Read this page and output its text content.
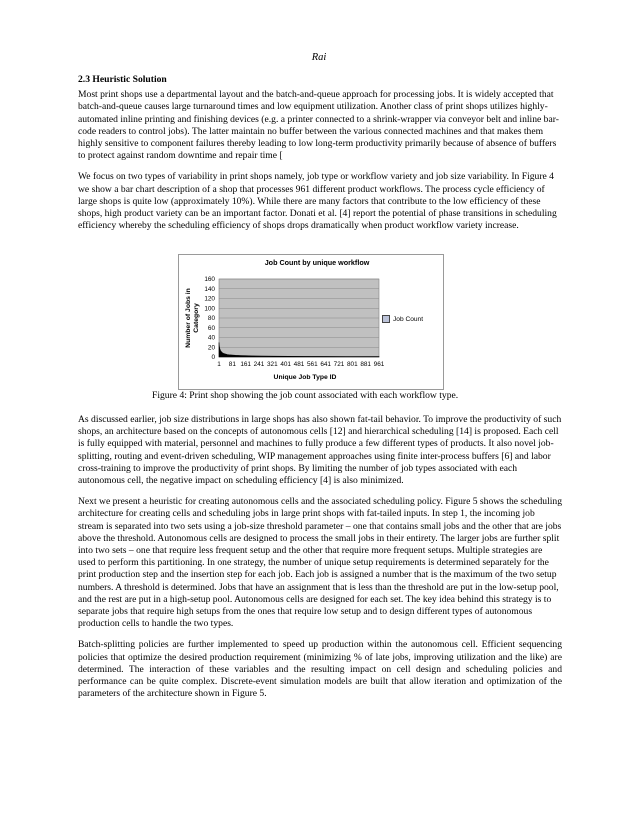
Rai
2.3 Heuristic Solution

Most print shops use a departmental layout and the batch-and-queue approach for processing jobs. It is widely accepted that batch-and-queue causes large turnaround times and low equipment utilization. Another class of print shops utilizes highly-automated inline printing and finishing devices (e.g. a printer connected to a shrink-wrapper via conveyor belt and inline bar-code readers to control jobs). The latter maintain no buffer between the various connected machines and that makes them highly sensitive to component failures thereby leading to low long-term productivity primarily because of absence of buffers to protect against random downtime and repair time [

We focus on two types of variability in print shops namely, job type or workflow variety and job size variability. In Figure 4 we show a bar chart description of a shop that processes 961 different product workflows. The process cycle efficiency of large shops is quite low (approximately 10%). While there are many factors that contribute to the low efficiency of these shops, high product variety can be an important factor. Donati et al. [4] report the potential of phase transitions in scheduling efficiency whereby the scheduling efficiency of shops drops dramatically when product workflow variety increase.

0
20
40
60
80
100
120
140
160
1 81 161 241 321 401 481 561 641 721 801 881 961
Job Count by unique workflow
Unique Job Type ID
Number of Jobs inCategory	Job Count
Figure 4: Print shop showing the job count associated with each workflow type.

As discussed earlier, job size distributions in large shops has also shown fat-tail behavior. To improve the productivity of such shops, an architecture based on the concepts of autonomous cells [12] and hierarchical scheduling [14] is proposed. Each cell is fully equipped with material, personnel and machines to fully produce a few different types of products. It also novel job-splitting, routing and event-driven scheduling, WIP management approaches using finite inter-process buffers [6] and labor cross-training to improve the productivity of print shops. By limiting the number of job types associated with each autonomous cell, the negative impact on scheduling efficiency [4] is also minimized.

Next we present a heuristic for creating autonomous cells and the associated scheduling policy. Figure 5 shows the scheduling architecture for creating cells and scheduling jobs in large print shops with fat-tailed inputs. In step 1, the incoming job stream is separated into two sets using a job-size threshold parameter – one that contains small jobs and the other that are jobs above the threshold. Autonomous cells are designed to process the small jobs in their entirety. The larger jobs are further split into two sets – one that require less frequent setup and the other that require more frequent setups. Multiple strategies are used to perform this partitioning. In one strategy, the number of unique setup requirements is determined separately for the print production step and the insertion step for each job. Each job is assigned a number that is the maximum of the two setup numbers. A threshold is determined. Jobs that have an assignment that is less than the threshold are put in the low-setup pool, and the rest are put in a high-setup pool. Autonomous cells are designed for each set. The key idea behind this strategy is to separate jobs that require high setups from the ones that require low setup and to design different types of autonomous production cells to handle the two types.

Batch-splitting policies are further implemented to speed up production within the autonomous cell. Efficient sequencing policies that optimize the desired production requirement (minimizing % of late jobs, improving utilization and the like) are determined. The interaction of these variables and the resulting impact on cell design and scheduling policies and performance can be quite complex. Discrete-event simulation models are built that allow iteration and optimization of the parameters of the architecture shown in Figure 5.
